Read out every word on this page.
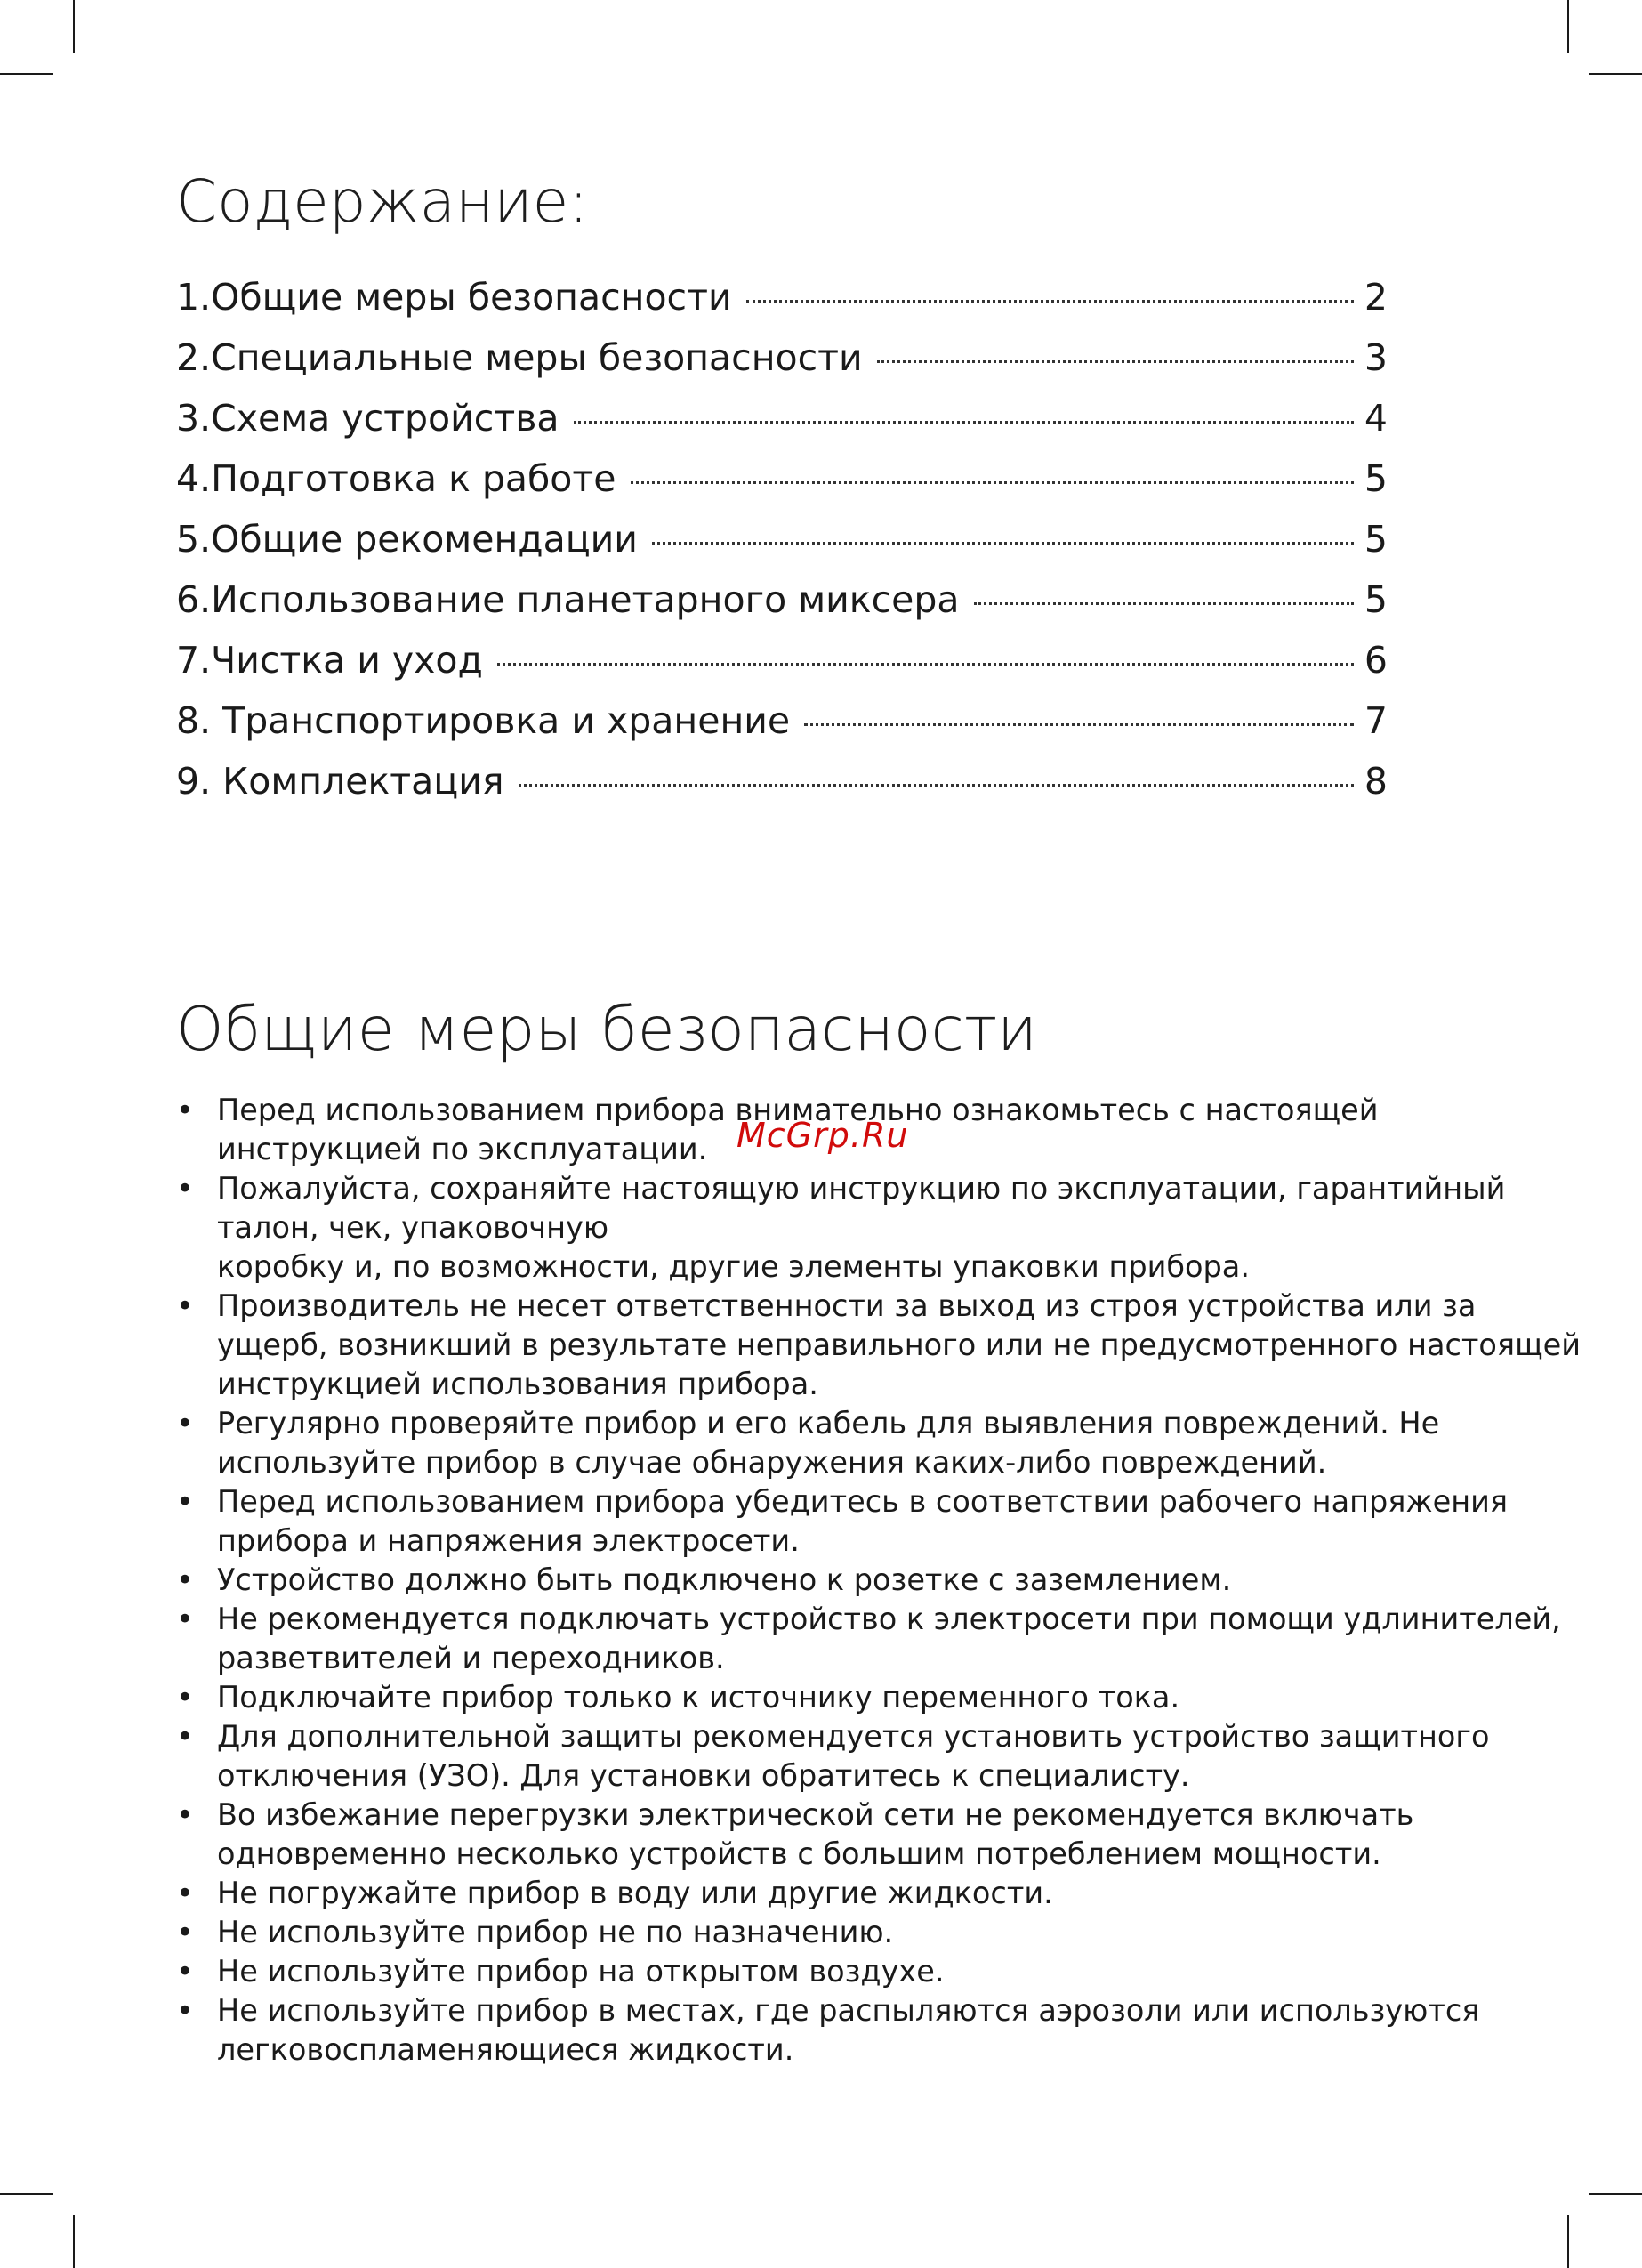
Содержание:
1. Общие меры безопасности	2
2. Специальные меры безопасности	3
3. Схема устройства	4
4. Подготовка к работе	5
5. Общие рекомендации	5
6. Использование планетарного миксера	5
7. Чистка и уход	6
8. Транспортировка и хранение	7
9. Комплектация	8
Общие меры безопасности
• Перед использованием прибора внимательно ознакомьтесь с настоящей
инструкцией по эксплуатации.
• Пожалуйста, сохраняйте настоящую инструкцию по эксплуатации, гарантийный
талон, чек, упаковочную
коробку и, по возможности, другие элементы упаковки прибора.
• Производитель не несет ответственности за выход из строя устройства или за
ущерб, возникший в результате неправильного или не предусмотренного настоящей
инструкцией использования прибора.
• Регулярно проверяйте прибор и его кабель для выявления повреждений. Не
используйте прибор в случае обнаружения каких-либо повреждений.
• Перед использованием прибора убедитесь в соответствии рабочего напряжения
прибора и напряжения электросети.
• Устройство должно быть подключено к розетке с заземлением.
• Не рекомендуется подключать устройство к электросети при помощи удлинителей,
разветвителей и переходников.
• Подключайте прибор только к источнику переменного тока.
• Для дополнительной защиты рекомендуется установить устройство защитного
отключения (УЗО). Для установки обратитесь к специалисту.
• Во избежание перегрузки электрической сети не рекомендуется включать
одновременно несколько устройств с большим потреблением мощности.
• Не погружайте прибор в воду или другие жидкости.
• Не используйте прибор не по назначению.
• Не используйте прибор на открытом воздухе.
• Не используйте прибор в местах, где распыляются аэрозоли или используются
легковоспламеняющиеся жидкости.
McGrp.Ru
